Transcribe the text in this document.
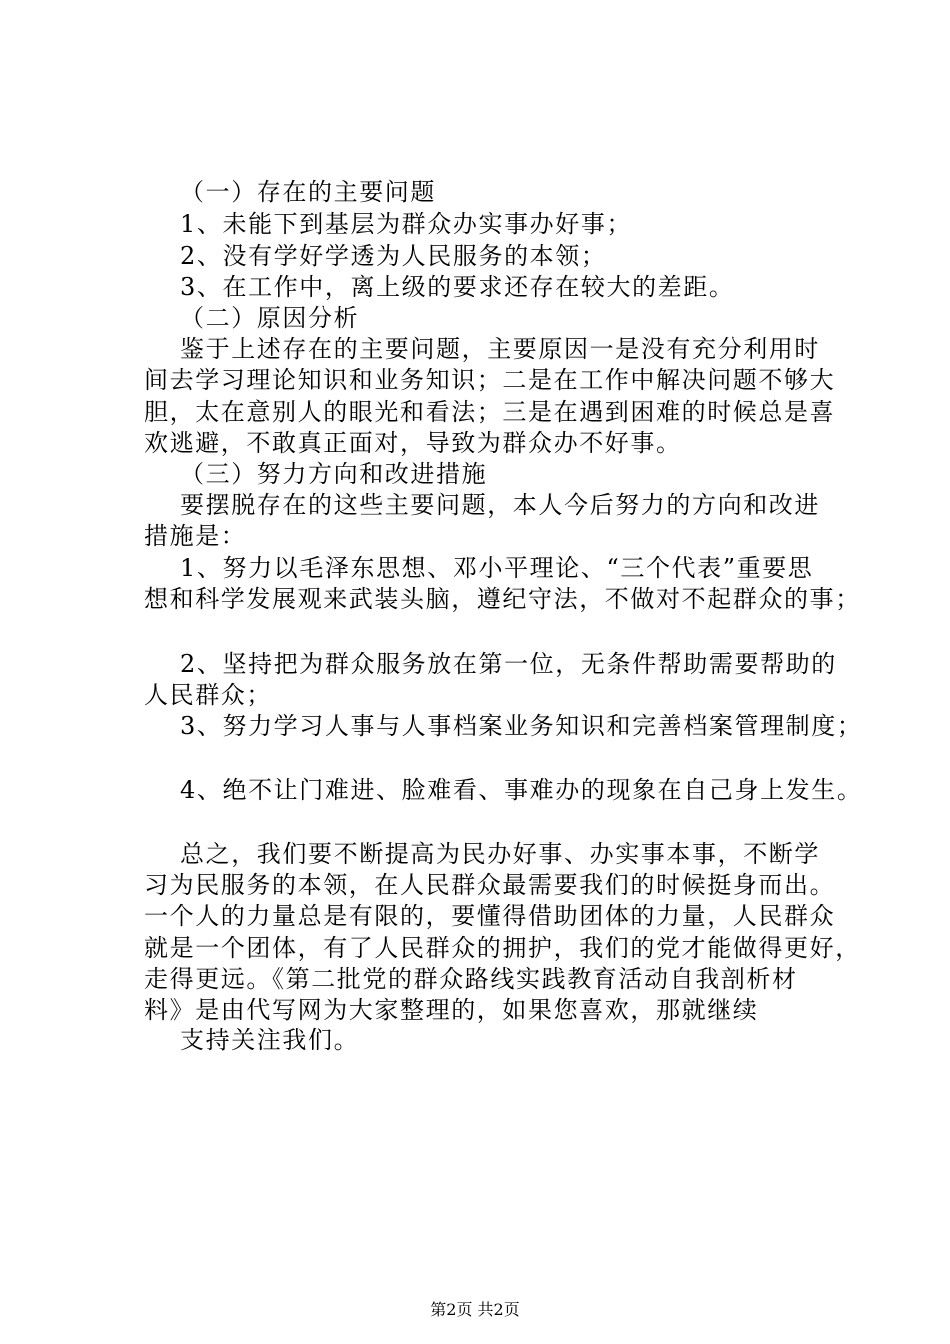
（一）存在的主要问题
1、未能下到基层为群众办实事办好事；
2、没有学好学透为人民服务的本领；
3、在工作中，离上级的要求还存在较大的差距。
（二）原因分析
鉴于上述存在的主要问题，主要原因一是没有充分利用时
间去学习理论知识和业务知识；二是在工作中解决问题不够大
胆，太在意别人的眼光和看法；三是在遇到困难的时候总是喜
欢逃避，不敢真正面对，导致为群众办不好事。
（三）努力方向和改进措施
要摆脱存在的这些主要问题，本人今后努力的方向和改进
措施是：
1、努力以毛泽东思想、邓小平理论、“三个代表”重要思
想和科学发展观来武装头脑，遵纪守法，不做对不起群众的事；
2、坚持把为群众服务放在第一位，无条件帮助需要帮助的
人民群众；
3、努力学习人事与人事档案业务知识和完善档案管理制度；
4、绝不让门难进、脸难看、事难办的现象在自己身上发生。
总之，我们要不断提高为民办好事、办实事本事，不断学
习为民服务的本领，在人民群众最需要我们的时候挺身而出。
一个人的力量总是有限的，要懂得借助团体的力量，人民群众
就是一个团体，有了人民群众的拥护，我们的党才能做得更好，
走得更远。《第二批党的群众路线实践教育活动自我剖析材
料》是由代写网为大家整理的，如果您喜欢，那就继续
支持关注我们。
第2页 共2页
